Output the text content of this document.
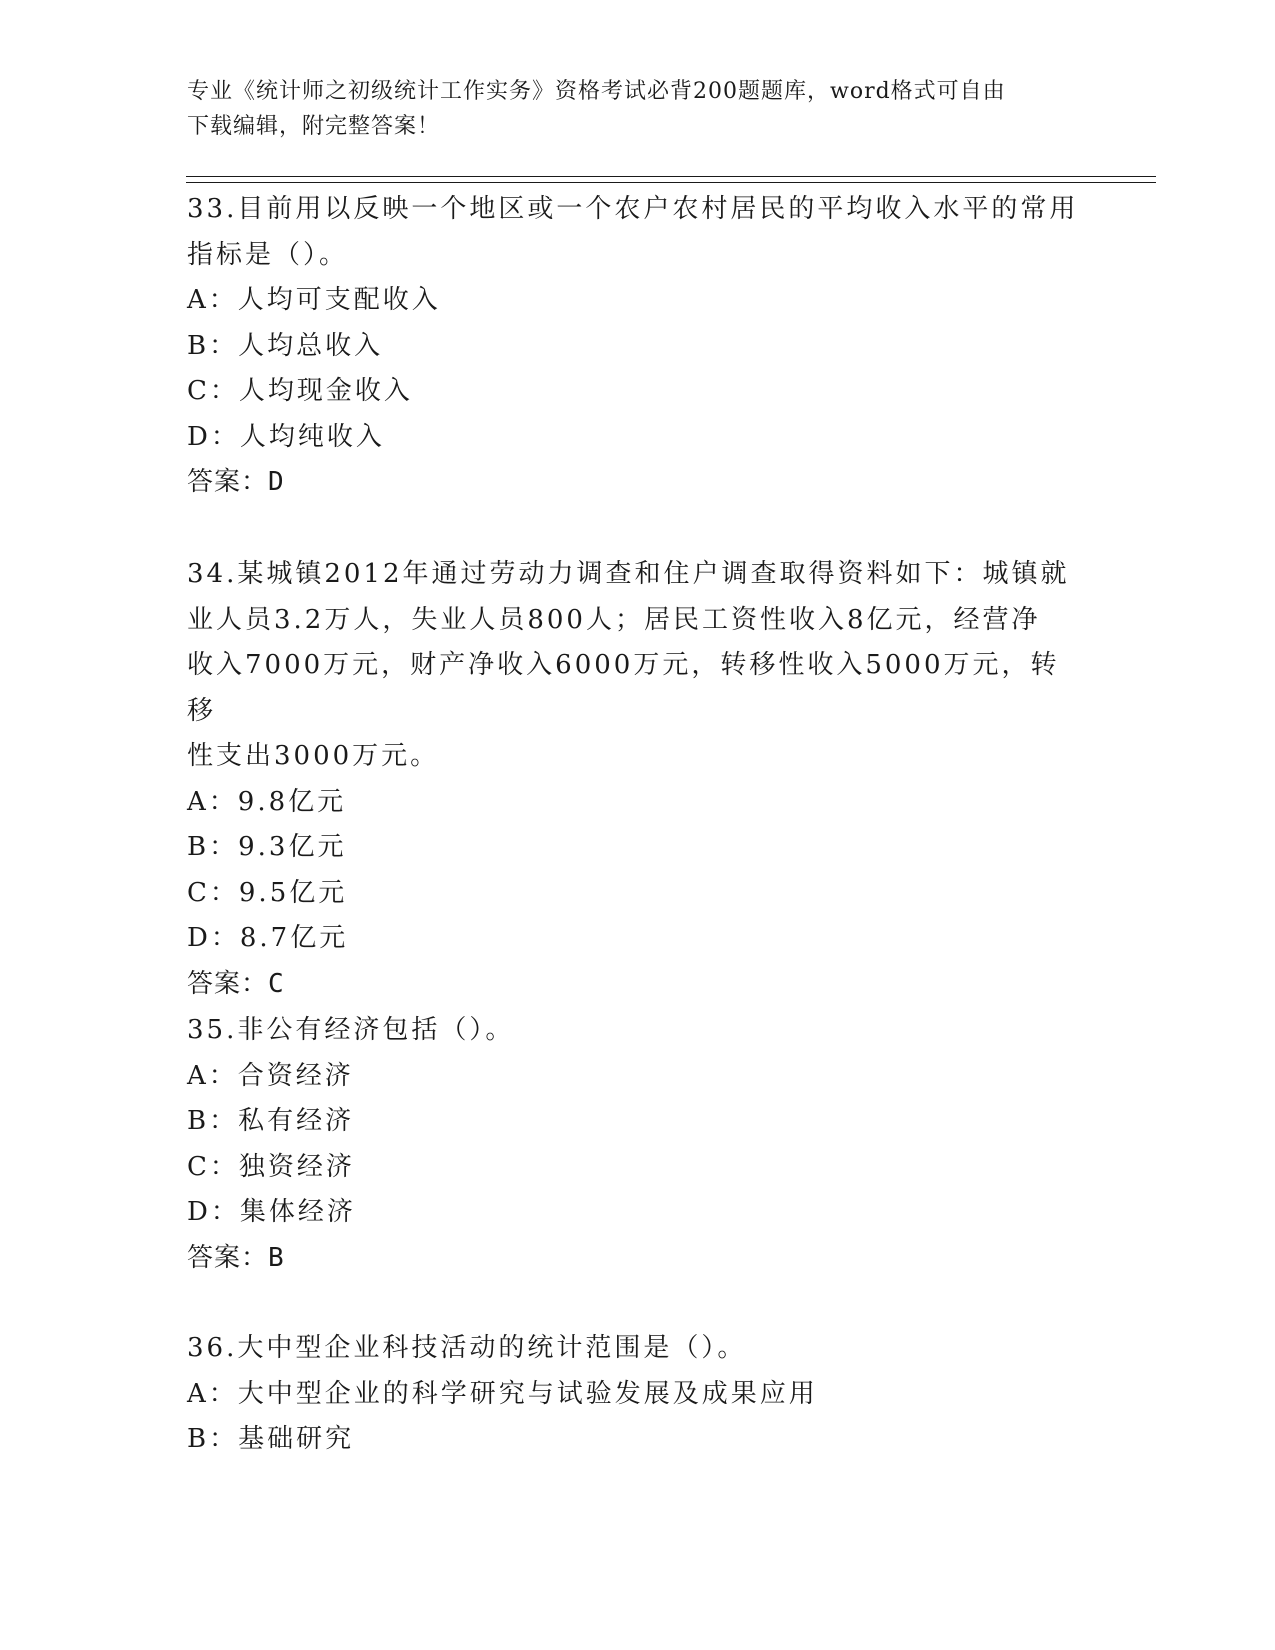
专业《统计师之初级统计工作实务》资格考试必背200题题库，word格式可自由
下载编辑，附完整答案！
33.目前用以反映一个地区或一个农户农村居民的平均收入水平的常用
指标是（）。
A：人均可支配收入
B：人均总收入
C：人均现金收入
D：人均纯收入
答案：D
34.某城镇2012年通过劳动力调查和住户调查取得资料如下：城镇就
业人员3.2万人，失业人员800人；居民工资性收入8亿元，经营净
收入7000万元，财产净收入6000万元，转移性收入5000万元，转移
性支出3000万元。
A：9.8亿元
B：9.3亿元
C：9.5亿元
D：8.7亿元
答案：C
35.非公有经济包括（）。
A：合资经济
B：私有经济
C：独资经济
D：集体经济
答案：B
36.大中型企业科技活动的统计范围是（）。
A：大中型企业的科学研究与试验发展及成果应用
B：基础研究
